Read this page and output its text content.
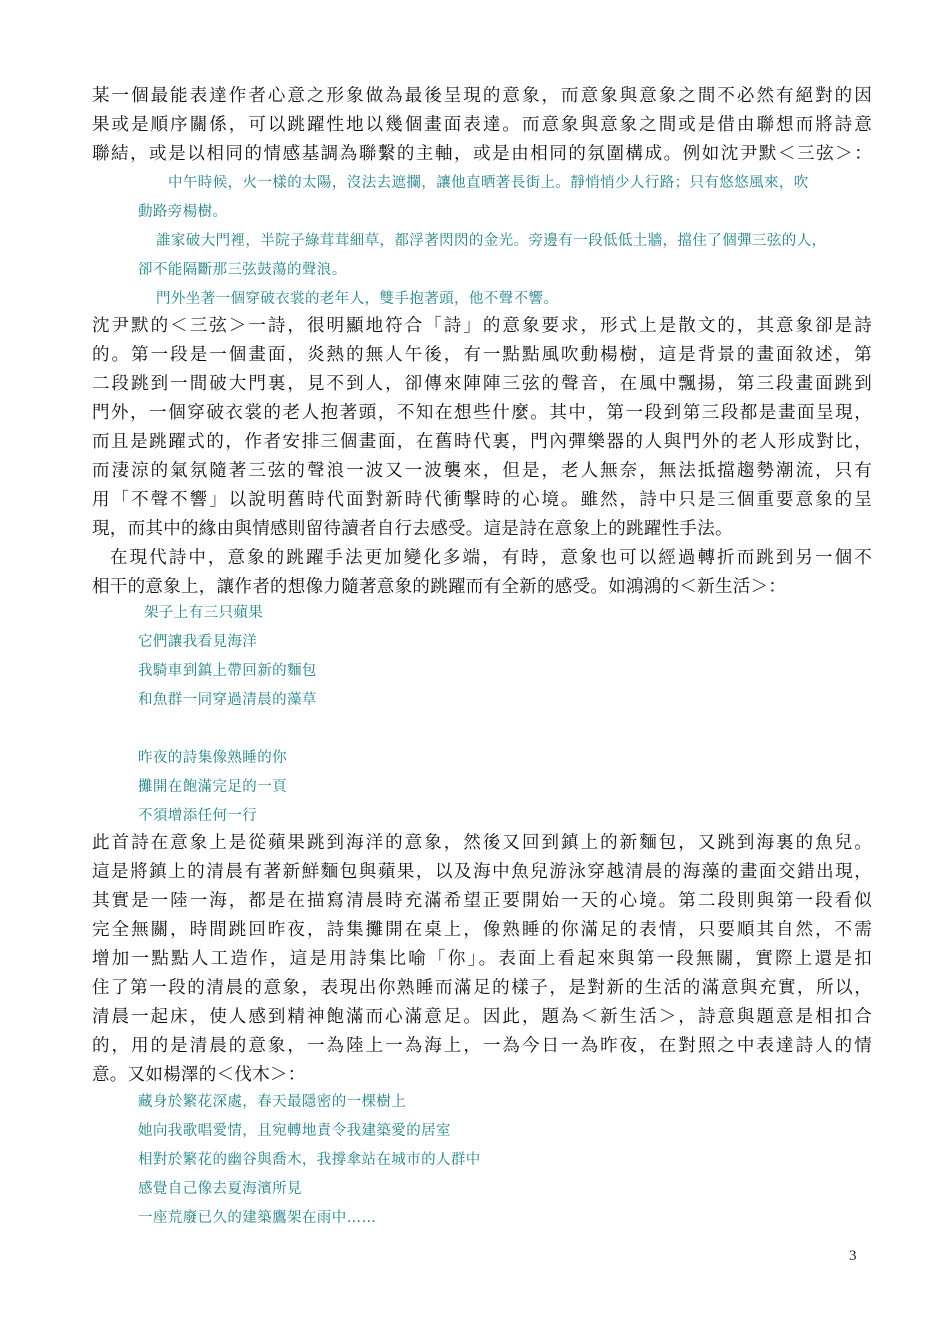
某一個最能表達作者心意之形象做為最後呈現的意象，而意象與意象之間不必然有絕對的因
果或是順序關係，可以跳躍性地以幾個畫面表達。而意象與意象之間或是借由聯想而將詩意
聯結，或是以相同的情感基調為聯繫的主軸，或是由相同的氛圍構成。例如沈尹默＜三弦＞：
中午時候，火一樣的太陽，沒法去遮攔，讓他直晒著長街上。靜悄悄少人行路；只有悠悠風來，吹
動路旁楊樹。
誰家破大門裡，半院子綠茸茸細草，都浮著閃閃的金光。旁邊有一段低低土牆，擋住了個彈三弦的人，
卻不能隔斷那三弦鼓蕩的聲浪。
門外坐著一個穿破衣裳的老年人，雙手抱著頭，他不聲不響。
沈尹默的＜三弦＞一詩，很明顯地符合「詩」的意象要求，形式上是散文的，其意象卻是詩
的。第一段是一個畫面，炎熱的無人午後，有一點點風吹動楊樹，這是背景的畫面敘述，第
二段跳到一間破大門裏，見不到人，卻傳來陣陣三弦的聲音，在風中飄揚，第三段畫面跳到
門外，一個穿破衣裳的老人抱著頭，不知在想些什麼。其中，第一段到第三段都是畫面呈現，
而且是跳躍式的，作者安排三個畫面，在舊時代裏，門內彈樂器的人與門外的老人形成對比，
而淒涼的氣氛隨著三弦的聲浪一波又一波襲來，但是，老人無奈，無法抵擋趨勢潮流，只有
用「不聲不響」以說明舊時代面對新時代衝擊時的心境。雖然，詩中只是三個重要意象的呈
現，而其中的緣由與情感則留待讀者自行去感受。這是詩在意象上的跳躍性手法。
在現代詩中，意象的跳躍手法更加變化多端，有時，意象也可以經過轉折而跳到另一個不
相干的意象上，讓作者的想像力隨著意象的跳躍而有全新的感受。如鴻鴻的＜新生活＞：
架子上有三只蘋果
它們讓我看見海洋
我騎車到鎮上帶回新的麵包
和魚群一同穿過清晨的藻草
昨夜的詩集像熟睡的你
攤開在飽滿完足的一頁
不須增添任何一行
此首詩在意象上是從蘋果跳到海洋的意象，然後又回到鎮上的新麵包，又跳到海裏的魚兒。
這是將鎮上的清晨有著新鮮麵包與蘋果，以及海中魚兒游泳穿越清晨的海藻的畫面交錯出現，
其實是一陸一海，都是在描寫清晨時充滿希望正要開始一天的心境。第二段則與第一段看似
完全無關，時間跳回昨夜，詩集攤開在桌上，像熟睡的你滿足的表情，只要順其自然，不需
增加一點點人工造作，這是用詩集比喻「你」。表面上看起來與第一段無關，實際上還是扣
住了第一段的清晨的意象，表現出你熟睡而滿足的樣子，是對新的生活的滿意與充實，所以，
清晨一起床，使人感到精神飽滿而心滿意足。因此，題為＜新生活＞，詩意與題意是相扣合
的，用的是清晨的意象，一為陸上一為海上，一為今日一為昨夜，在對照之中表達詩人的情
意。又如楊澤的＜伐木＞：
藏身於繁花深處，春天最隱密的一棵樹上
她向我歌唱愛情，且宛轉地責令我建築愛的居室
相對於繁花的幽谷與喬木，我撐傘站在城市的人群中
感覺自己像去夏海濱所見
一座荒廢已久的建築鷹架在雨中……
3
